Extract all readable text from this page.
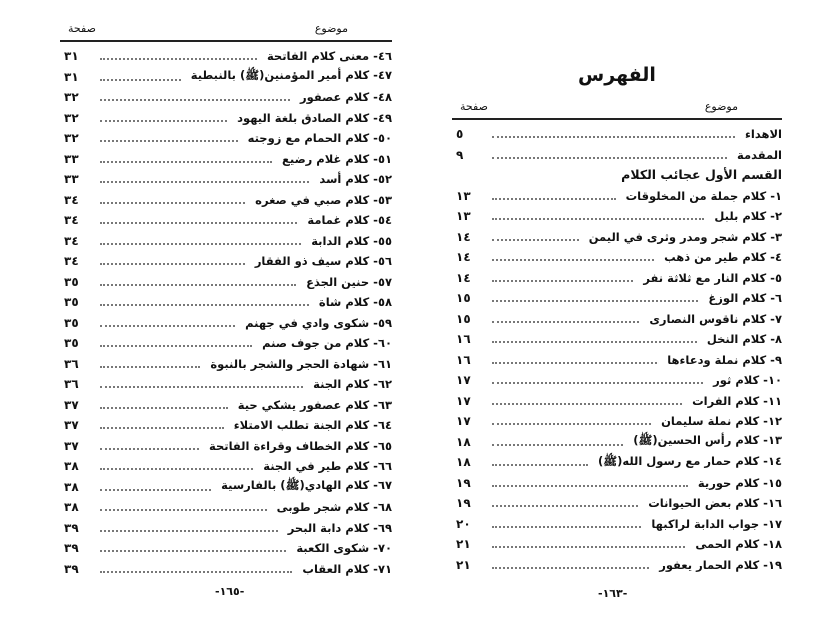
موضوع
صفحة
٤٦- معنى كلام الفاتحة
٣١
٤٧- كلام أمير المؤمنين(ﷺ) بالنبطية
٣١
٤٨- كلام عصفور
٣٢
٤٩- كلام الصادق بلغة اليهود
٣٢
٥٠- كلام الحمام مع زوجته
٣٢
٥١- كلام غلام رضيع
٣٣
٥٢- كلام أسد
٣٣
٥٣- كلام صبي في صغره
٣٤
٥٤- كلام غمامة
٣٤
٥٥- كلام الدابة
٣٤
٥٦- كلام سيف ذو الفقار
٣٤
٥٧- حنين الجذع
٣٥
٥٨- كلام شاة
٣٥
٥٩- شكوى وادي في جهنم
٣٥
٦٠- كلام من جوف صنم
٣٥
٦١- شهادة الحجر والشجر بالنبوة
٣٦
٦٢- كلام الجنة
٣٦
٦٣- كلام عصفور يشكي حية
٣٧
٦٤- كلام الجنة تطلب الامتلاء
٣٧
٦٥- كلام الخطاف وقراءة الفاتحة
٣٧
٦٦- كلام طير في الجنة
٣٨
٦٧- كلام الهادي(ﷺ) بالفارسية
٣٨
٦٨- كلام شجر طوبى
٣٨
٦٩- كلام دابة البحر
٣٩
٧٠- شكوى الكعبة
٣٩
٧١- كلام العقاب
٣٩
-١٦٥-
الفهرس
موضوع
صفحة
الاهداء
٥
المقدمة
٩
القسم الأول عجائب الكلام
١- كلام جملة من المخلوقات
١٣
٢- كلام بلبل
١٣
٣- كلام شجر ومدر وثرى في اليمن
١٤
٤- كلام طير من ذهب
١٤
٥- كلام النار مع ثلاثة نفر
١٤
٦- كلام الوزغ
١٥
٧- كلام ناقوس النصارى
١٥
٨- كلام النخل
١٦
٩- كلام نملة ودعاءها
١٦
١٠- كلام ثور
١٧
١١- كلام الفرات
١٧
١٢- كلام نملة سليمان
١٧
١٣- كلام رأس الحسين(ﷺ)
١٨
١٤- كلام حمار مع رسول الله(ﷺ)
١٨
١٥- كلام حورية
١٩
١٦- كلام بعض الحيوانات
١٩
١٧- جواب الدابة لراكبها
٢٠
١٨- كلام الحمى
٢١
١٩- كلام الحمار يعفور
٢١
-١٦٣-
